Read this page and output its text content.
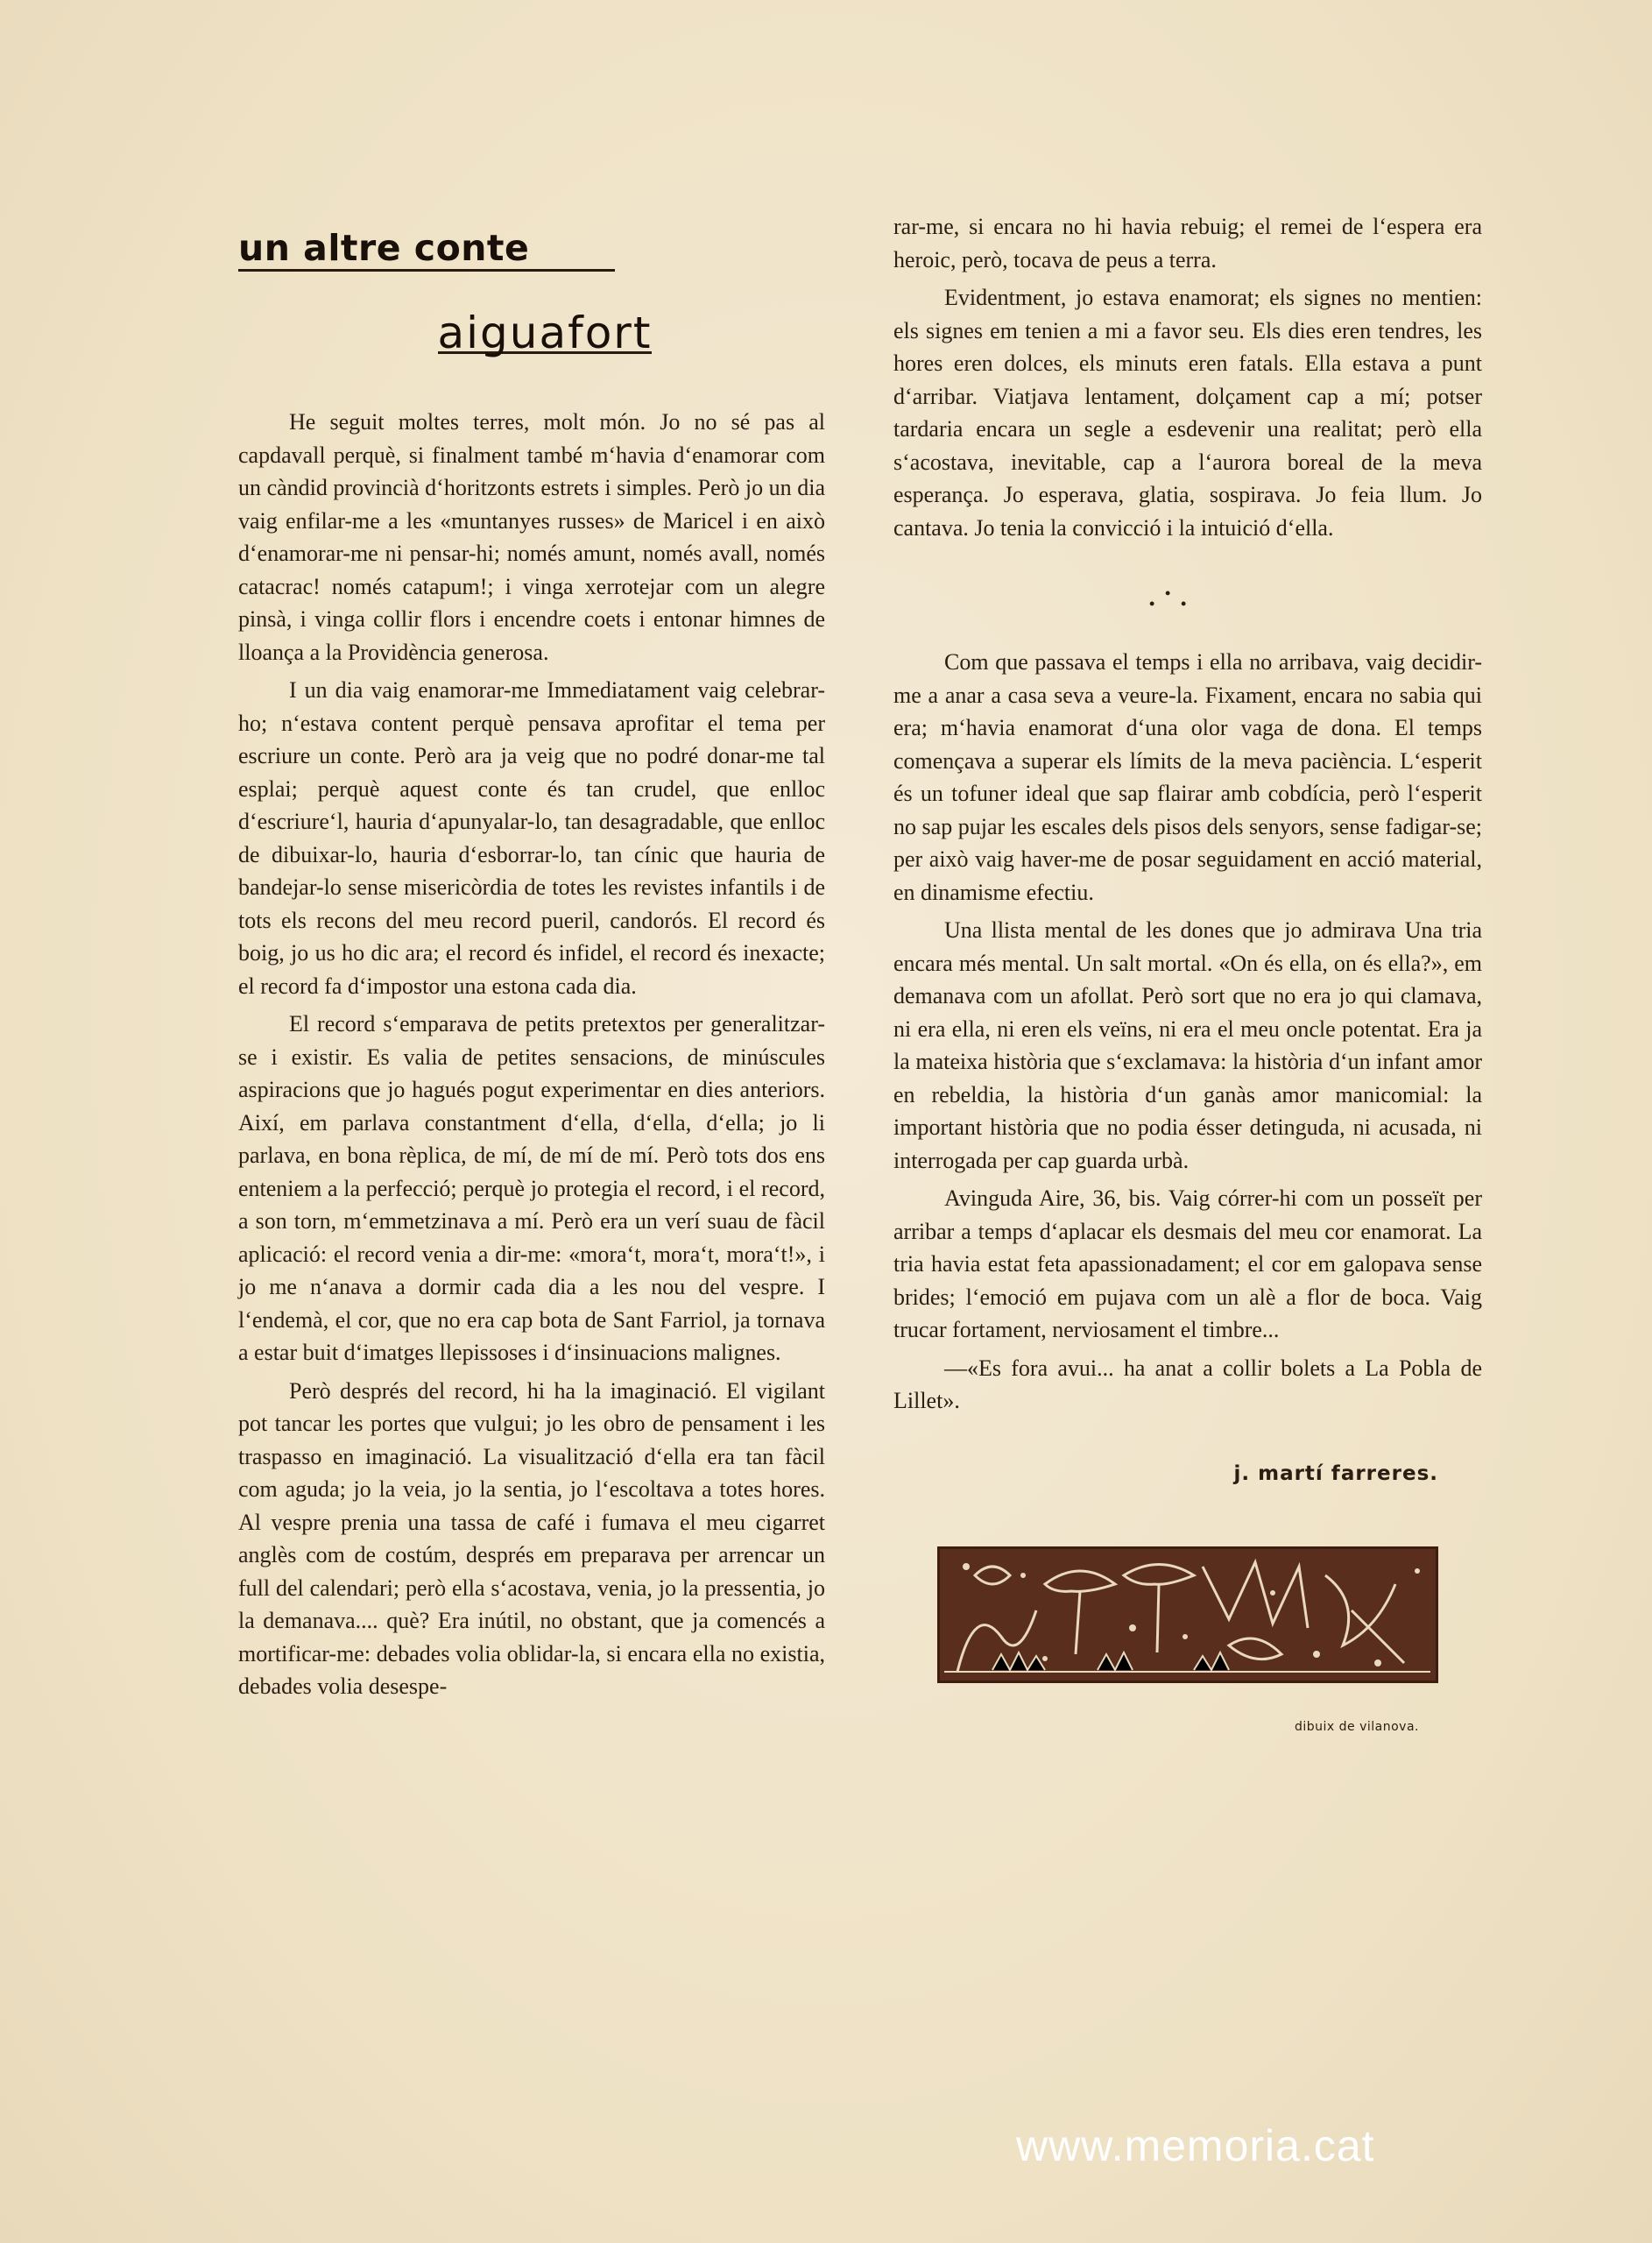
un altre conte
aiguafort

He seguit moltes terres, molt món. Jo no sé pas al capdavall perquè, si finalment també m‘havia d‘enamorar com un càndid provincià d‘horitzonts estrets i simples. Però jo un dia vaig enfilar-me a les «muntanyes russes» de Maricel i en això d‘enamorar-me ni pensar-hi; només amunt, només avall, només catacrac! només catapum!; i vinga xerrotejar com un alegre pinsà, i vinga collir flors i encendre coets i entonar himnes de lloança a la Providència generosa.

I un dia vaig enamorar-me Immediatament vaig celebrar-ho; n‘estava content perquè pensava aprofitar el tema per escriure un conte. Però ara ja veig que no podré donar-me tal esplai; perquè aquest conte és tan crudel, que enlloc d‘escriure‘l, hauria d‘apunyalar-lo, tan desagradable, que enlloc de dibuixar-lo, hauria d‘esborrar-lo, tan cínic que hauria de bandejar-lo sense misericòrdia de totes les revistes infantils i de tots els recons del meu record pueril, candorós. El record és boig, jo us ho dic ara; el record és infidel, el record és inexacte; el record fa d‘impostor una estona cada dia.

El record s‘emparava de petits pretextos per generalitzar-se i existir. Es valia de petites sensacions, de minúscules aspiracions que jo hagués pogut experimentar en dies anteriors. Així, em parlava constantment d‘ella, d‘ella, d‘ella; jo li parlava, en bona rèplica, de mí, de mí de mí. Però tots dos ens enteniem a la perfecció; perquè jo protegia el record, i el record, a son torn, m‘emmetzinava a mí. Però era un verí suau de fàcil aplicació: el record venia a dir-me: «mora‘t, mora‘t, mora‘t!», i jo me n‘anava a dormir cada dia a les nou del vespre. I l‘endemà, el cor, que no era cap bota de Sant Farriol, ja tornava a estar buit d‘imatges llepissoses i d‘insinuacions malignes.

Però després del record, hi ha la imaginació. El vigilant pot tancar les portes que vulgui; jo les obro de pensament i les traspasso en imaginació. La visualització d‘ella era tan fàcil com aguda; jo la veia, jo la sentia, jo l‘escoltava a totes hores. Al vespre prenia una tassa de café i fumava el meu cigarret anglès com de costúm, després em preparava per arrencar un full del calendari; però ella s‘acostava, venia, jo la pressentia, jo la demanava.... què? Era inútil, no obstant, que ja comencés a mortificar-me: debades volia oblidar-la, si encara ella no existia, debades volia desespe-

rar-me, si encara no hi havia rebuig; el remei de l‘espera era heroic, però, tocava de peus a terra.

Evidentment, jo estava enamorat; els signes no mentien: els signes em tenien a mi a favor seu. Els dies eren tendres, les hores eren dolces, els minuts eren fatals. Ella estava a punt d‘arribar. Viatjava lentament, dolçament cap a mí; potser tardaria encara un segle a esdevenir una realitat; però ella s‘acostava, inevitable, cap a l‘aurora boreal de la meva esperança. Jo esperava, glatia, sospirava. Jo feia llum. Jo cantava. Jo tenia la convicció i la intuició d‘ella.

•
• •

Com que passava el temps i ella no arribava, vaig decidir-me a anar a casa seva a veure-la. Fixament, encara no sabia qui era; m‘havia enamorat d‘una olor vaga de dona. El temps començava a superar els límits de la meva paciència. L‘esperit és un tofuner ideal que sap flairar amb cobdícia, però l‘esperit no sap pujar les escales dels pisos dels senyors, sense fadigar-se; per això vaig haver-me de posar seguidament en acció material, en dinamisme efectiu.

Una llista mental de les dones que jo admirava Una tria encara més mental. Un salt mortal. «On és ella, on és ella?», em demanava com un afollat. Però sort que no era jo qui clamava, ni era ella, ni eren els veïns, ni era el meu oncle potentat. Era ja la mateixa història que s‘exclamava: la història d‘un infant amor en rebeldia, la història d‘un ganàs amor manicomial: la important història que no podia ésser detinguda, ni acusada, ni interrogada per cap guarda urbà.

Avinguda Aire, 36, bis. Vaig córrer-hi com un posseït per arribar a temps d‘aplacar els desmais del meu cor enamorat. La tria havia estat feta apassionadament; el cor em galopava sense brides; l‘emoció em pujava com un alè a flor de boca. Vaig trucar fortament, nerviosament el timbre...

—«Es fora avui... ha anat a collir bolets a La Pobla de Lillet».

j. martí farreres.
dibuix de vilanova.
www.memoria.cat
